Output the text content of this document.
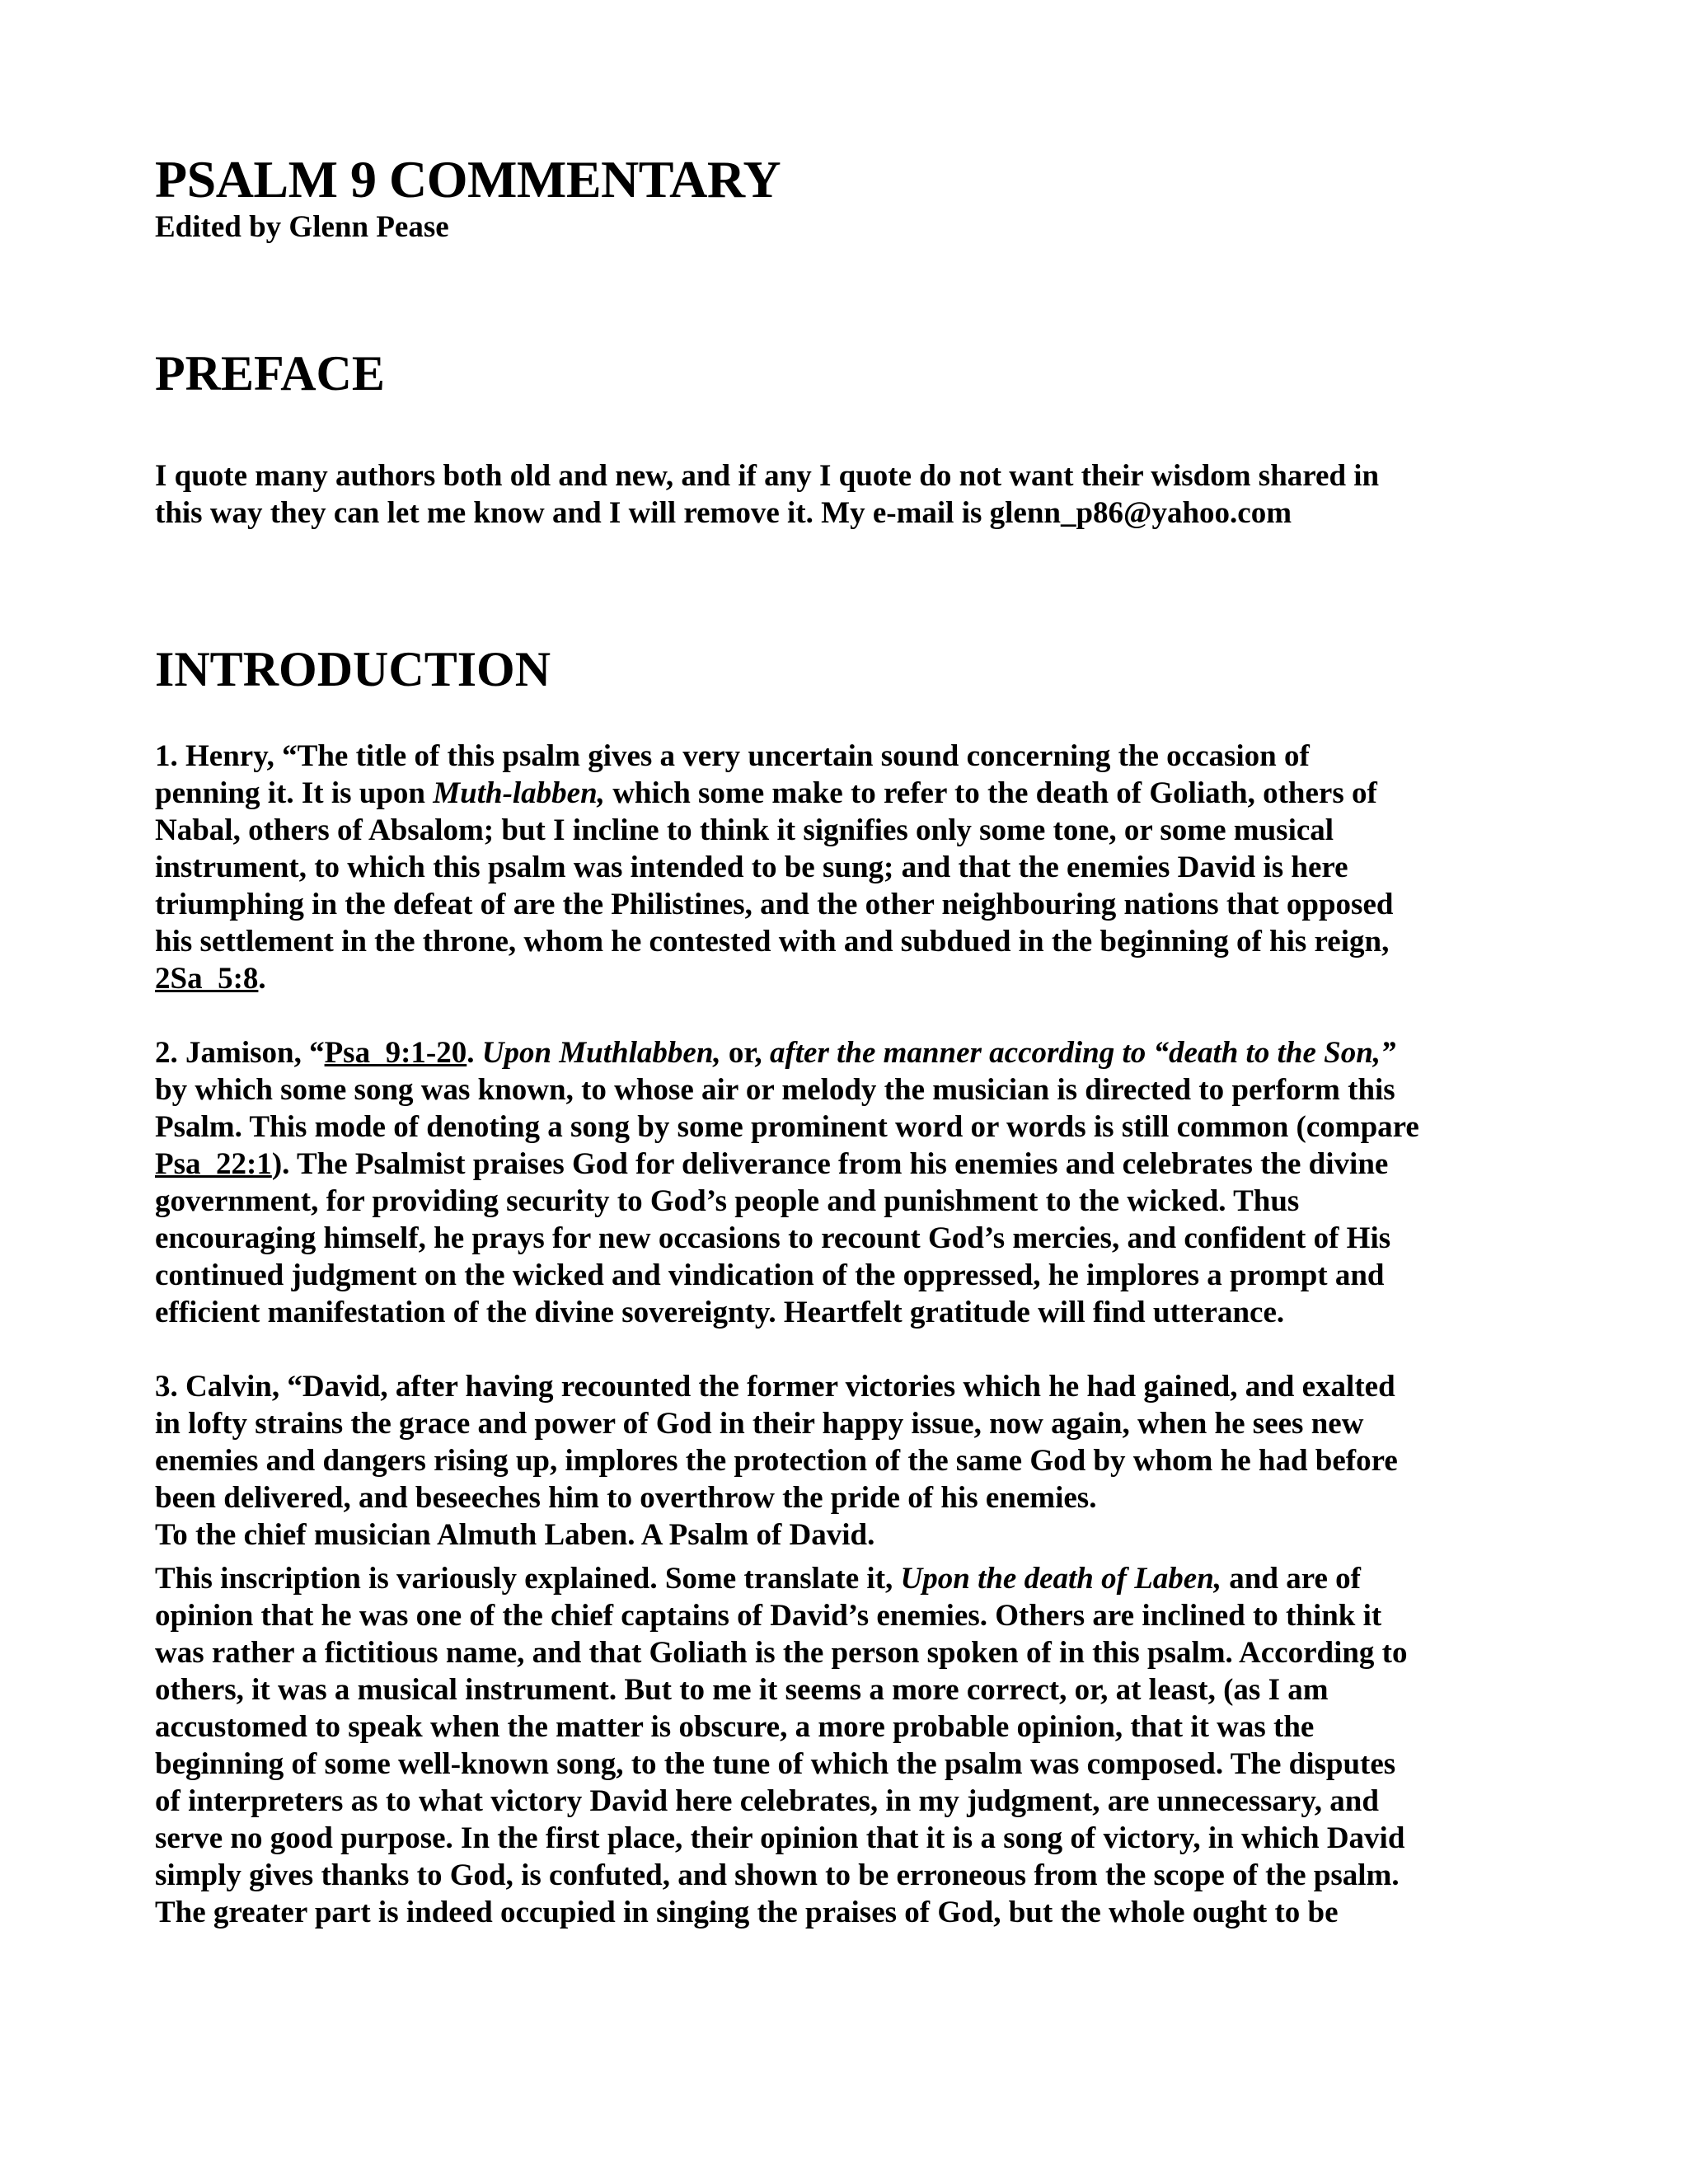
PSALM 9 COMMENTARY

Edited by Glenn Pease

PREFACE

I quote many authors both old and new, and if any I quote do not want their wisdom shared in
this way they can let me know and I will remove it. My e-mail is glenn_p86@yahoo.com

INTRODUCTION

1. Henry, “The title of this psalm gives a very uncertain sound concerning the occasion of
penning it. It is upon Muth-labben, which some make to refer to the death of Goliath, others of
Nabal, others of Absalom; but I incline to think it signifies only some tone, or some musical
instrument, to which this psalm was intended to be sung; and that the enemies David is here
triumphing in the defeat of are the Philistines, and the other neighbouring nations that opposed
his settlement in the throne, whom he contested with and subdued in the beginning of his reign,
2Sa_5:8.

2. Jamison, “Psa_9:1-20. Upon Muthlabben, or, after the manner according to “death to the Son,”
by which some song was known, to whose air or melody the musician is directed to perform this
Psalm. This mode of denoting a song by some prominent word or words is still common (compare
Psa_22:1). The Psalmist praises God for deliverance from his enemies and celebrates the divine
government, for providing security to God’s people and punishment to the wicked. Thus
encouraging himself, he prays for new occasions to recount God’s mercies, and confident of His
continued judgment on the wicked and vindication of the oppressed, he implores a prompt and
efficient manifestation of the divine sovereignty. Heartfelt gratitude will find utterance.

3. Calvin, “David, after having recounted the former victories which he had gained, and exalted
in lofty strains the grace and power of God in their happy issue, now again, when he sees new
enemies and dangers rising up, implores the protection of the same God by whom he had before
been delivered, and beseeches him to overthrow the pride of his enemies.
To the chief musician Almuth Laben. A Psalm of David.

This inscription is variously explained. Some translate it, Upon the death of Laben, and are of
opinion that he was one of the chief captains of David’s enemies. Others are inclined to think it
was rather a fictitious name, and that Goliath is the person spoken of in this psalm. According to
others, it was a musical instrument. But to me it seems a more correct, or, at least, (as I am
accustomed to speak when the matter is obscure, a more probable opinion, that it was the
beginning of some well-known song, to the tune of which the psalm was composed. The disputes
of interpreters as to what victory David here celebrates, in my judgment, are unnecessary, and
serve no good purpose. In the first place, their opinion that it is a song of victory, in which David
simply gives thanks to God, is confuted, and shown to be erroneous from the scope of the psalm.
The greater part is indeed occupied in singing the praises of God, but the whole ought to be
